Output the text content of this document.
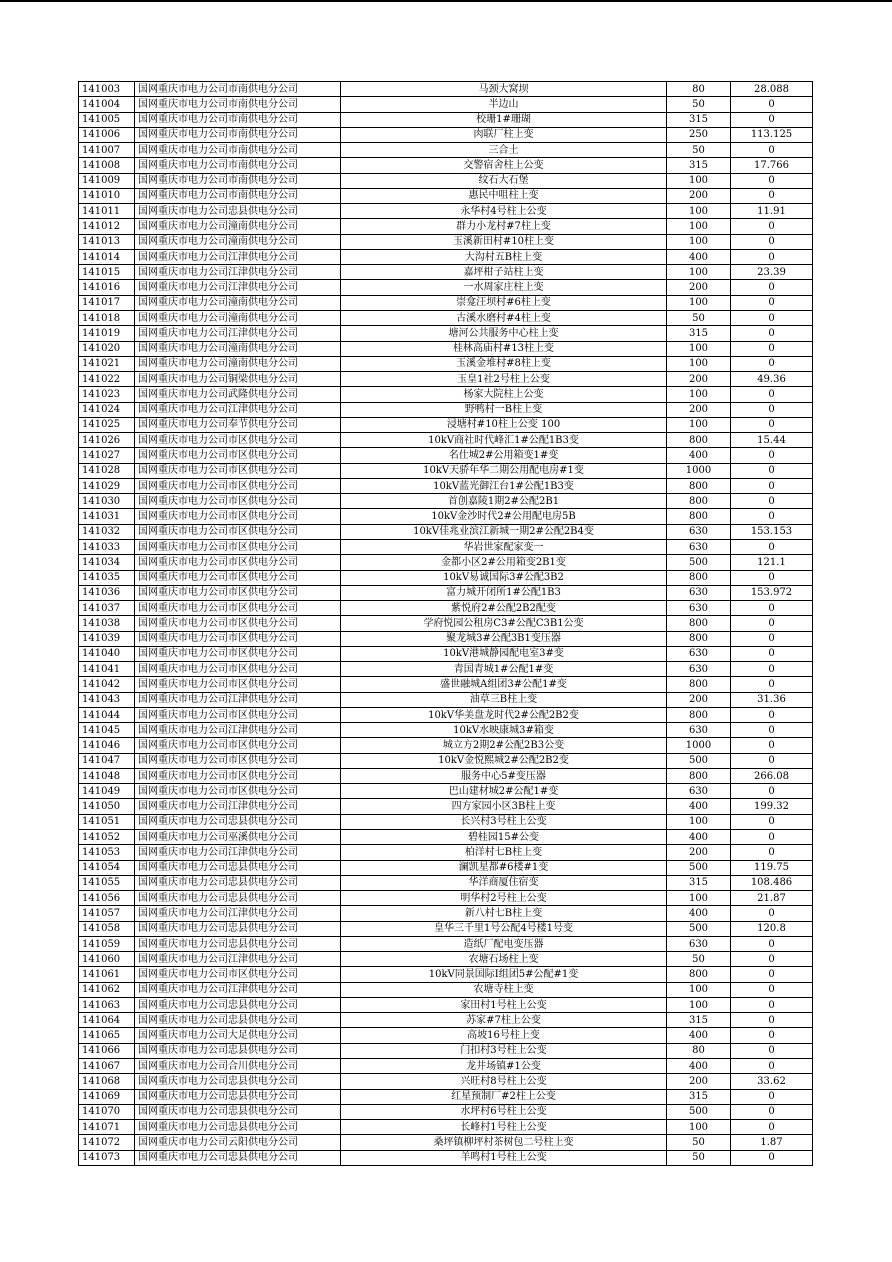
141003	国网重庆市电力公司市南供电分公司	马颈大窝坝	80	28.088
141004	国网重庆市电力公司市南供电分公司	半边山	50	0
141005	国网重庆市电力公司市南供电分公司	校珊1#珊瑚	315	0
141006	国网重庆市电力公司市南供电分公司	肉联厂柱上变	250	113.125
141007	国网重庆市电力公司市南供电分公司	三合土	50	0
141008	国网重庆市电力公司市南供电分公司	交警宿舍柱上公变	315	17.766
141009	国网重庆市电力公司市南供电分公司	纹石大石堡	100	0
141010	国网重庆市电力公司市南供电分公司	惠民中咀柱上变	200	0
141011	国网重庆市电力公司忠县供电分公司	永华村4号柱上公变	100	11.91
141012	国网重庆市电力公司潼南供电分公司	群力小龙村#7柱上变	100	0
141013	国网重庆市电力公司潼南供电分公司	玉溪新田村#10柱上变	100	0
141014	国网重庆市电力公司江津供电分公司	大沟村五B柱上变	400	0
141015	国网重庆市电力公司江津供电分公司	嘉坪柑子站柱上变	100	23.39
141016	国网重庆市电力公司江津供电分公司	一水周家庄柱上变	200	0
141017	国网重庆市电力公司潼南供电分公司	崇龛汪坝村#6柱上变	100	0
141018	国网重庆市电力公司潼南供电分公司	古溪水磨村#4柱上变	50	0
141019	国网重庆市电力公司江津供电分公司	塘河公共服务中心柱上变	315	0
141020	国网重庆市电力公司潼南供电分公司	桂林高庙村#13柱上变	100	0
141021	国网重庆市电力公司潼南供电分公司	玉溪金堆村#8柱上变	100	0
141022	国网重庆市电力公司铜梁供电分公司	玉皇1社2号柱上公变	200	49.36
141023	国网重庆市电力公司武隆供电分公司	杨家大院柱上公变	100	0
141024	国网重庆市电力公司江津供电分公司	野鸭村一B柱上变	200	0
141025	国网重庆市电力公司奉节供电分公司	浸塘村#10柱上公变 100	100	0
141026	国网重庆市电力公司市区供电分公司	10kV商社时代峰汇1#公配1B3变	800	15.44
141027	国网重庆市电力公司市区供电分公司	名仕城2#公用箱变1#变	400	0
141028	国网重庆市电力公司市区供电分公司	10kV天骄年华二期公用配电房#1变	1000	0
141029	国网重庆市电力公司市区供电分公司	10kV蓝光御江台1#公配1B3变	800	0
141030	国网重庆市电力公司市区供电分公司	首创嘉陵1期2#公配2B1	800	0
141031	国网重庆市电力公司市区供电分公司	10kV金沙时代2#公用配电房5B	800	0
141032	国网重庆市电力公司市区供电分公司	10kV佳兆业滨江新城一期2#公配2B4变	630	153.153
141033	国网重庆市电力公司市区供电分公司	华岩世家配家变一	630	0
141034	国网重庆市电力公司市区供电分公司	金都小区2#公用箱变2B1变	500	121.1
141035	国网重庆市电力公司市区供电分公司	10kV易诚国际3#公配3B2	800	0
141036	国网重庆市电力公司市区供电分公司	富力城开闭所1#公配1B3	630	153.972
141037	国网重庆市电力公司市区供电分公司	紫悦府2#公配2B2配变	630	0
141038	国网重庆市电力公司市区供电分公司	学府悦园公租房C3#公配C3B1公变	800	0
141039	国网重庆市电力公司市区供电分公司	聚龙城3#公配3B1变压器	800	0
141040	国网重庆市电力公司市区供电分公司	10kV港城静园配电室3#变	630	0
141041	国网重庆市电力公司市区供电分公司	青国青城1#公配1#变	630	0
141042	国网重庆市电力公司市区供电分公司	盛世融城A组团3#公配1#变	800	0
141043	国网重庆市电力公司江津供电分公司	油草三B柱上变	200	31.36
141044	国网重庆市电力公司市区供电分公司	10kV华美盘龙时代2#公配2B2变	800	0
141045	国网重庆市电力公司江津供电分公司	10kV水映康城3#箱变	630	0
141046	国网重庆市电力公司市区供电分公司	城立方2期2#公配2B3公变	1000	0
141047	国网重庆市电力公司市区供电分公司	10kV金悦熙城2#公配2B2变	500	0
141048	国网重庆市电力公司市区供电分公司	服务中心5#变压器	800	266.08
141049	国网重庆市电力公司市区供电分公司	巴山建材城2#公配1#变	630	0
141050	国网重庆市电力公司江津供电分公司	四方家园小区3B柱上变	400	199.32
141051	国网重庆市电力公司忠县供电分公司	长兴村3号柱上公变	100	0
141052	国网重庆市电力公司巫溪供电分公司	碧桂园15#公变	400	0
141053	国网重庆市电力公司江津供电分公司	柏洋村七B柱上变	200	0
141054	国网重庆市电力公司忠县供电分公司	澜凯星都#6楼#1变	500	119.75
141055	国网重庆市电力公司忠县供电分公司	华洋商厦住宿变	315	108.486
141056	国网重庆市电力公司忠县供电分公司	明华村2号柱上公变	100	21.87
141057	国网重庆市电力公司江津供电分公司	新八村七B柱上变	400	0
141058	国网重庆市电力公司忠县供电分公司	皇华三千里1号公配4号楼1号变	500	120.8
141059	国网重庆市电力公司忠县供电分公司	造纸厂配电变压器	630	0
141060	国网重庆市电力公司江津供电分公司	农塘石场柱上变	50	0
141061	国网重庆市电力公司市区供电分公司	10kV同景国际I组团5#公配#1变	800	0
141062	国网重庆市电力公司江津供电分公司	农塘寺柱上变	100	0
141063	国网重庆市电力公司忠县供电分公司	家田村1号柱上公变	100	0
141064	国网重庆市电力公司忠县供电分公司	苏家#7柱上公变	315	0
141065	国网重庆市电力公司大足供电分公司	高坡16号柱上变	400	0
141066	国网重庆市电力公司忠县供电分公司	门扣村3号柱上公变	80	0
141067	国网重庆市电力公司合川供电分公司	龙井场镇#1公变	400	0
141068	国网重庆市电力公司忠县供电分公司	兴旺村8号柱上公变	200	33.62
141069	国网重庆市电力公司忠县供电分公司	红星预制厂#2柱上公变	315	0
141070	国网重庆市电力公司忠县供电分公司	水坪村6号柱上公变	500	0
141071	国网重庆市电力公司忠县供电分公司	长峰村1号柱上公变	100	0
141072	国网重庆市电力公司云阳供电分公司	桑坪镇柳坪村茶树包二号柱上变	50	1.87
141073	国网重庆市电力公司忠县供电分公司	羊鸣村1号柱上公变	50	0
